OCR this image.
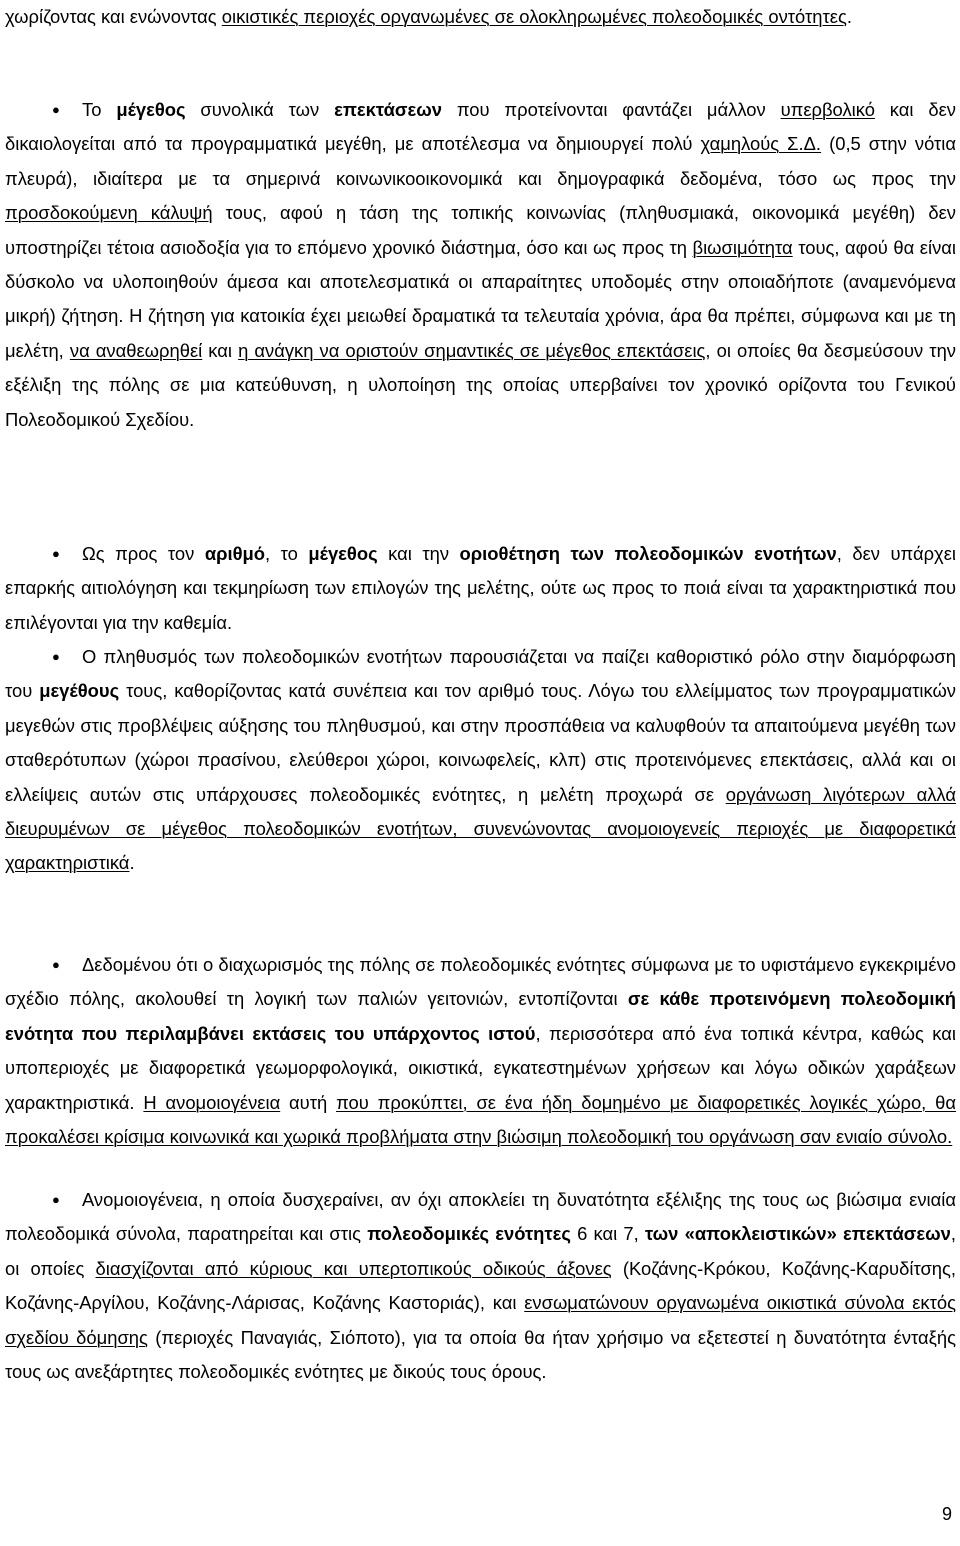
χωρίζοντας και ενώνοντας οικιστικές περιοχές οργανωμένες σε ολοκληρωμένες πολεοδομικές οντότητες.

●	Το μέγεθος συνολικά των επεκτάσεων που προτείνονται φαντάζει μάλλον υπερβολικό και δεν δικαιολογείται από τα προγραμματικά μεγέθη, με αποτέλεσμα να δημιουργεί πολύ χαμηλούς Σ.Δ. (0,5 στην νότια πλευρά), ιδιαίτερα με τα σημερινά κοινωνικοοικονομικά και δημογραφικά δεδομένα, τόσο ως προς την προσδοκούμενη κάλυψή τους, αφού η τάση της τοπικής κοινωνίας (πληθυσμιακά, οικονομικά μεγέθη) δεν υποστηρίζει τέτοια ασιοδοξία για το επόμενο χρονικό διάστημα, όσο και ως προς τη βιωσιμότητα τους, αφού θα είναι δύσκολο να υλοποιηθούν άμεσα και αποτελεσματικά οι απαραίτητες υποδομές στην οποιαδήποτε (αναμενόμενα μικρή) ζήτηση. Η ζήτηση για κατοικία έχει μειωθεί δραματικά τα τελευταία χρόνια, άρα θα πρέπει, σύμφωνα και με τη μελέτη, να αναθεωρηθεί και η ανάγκη να οριστούν σημαντικές σε μέγεθος επεκτάσεις, οι οποίες θα δεσμεύσουν την εξέλιξη της πόλης σε μια κατεύθυνση, η υλοποίηση της οποίας υπερβαίνει τον χρονικό ορίζοντα του Γενικού Πολεοδομικού Σχεδίου.

●	Ως προς τον αριθμό, το μέγεθος και την οριοθέτηση των πολεοδομικών ενοτήτων, δεν υπάρχει επαρκής αιτιολόγηση και τεκμηρίωση των επιλογών της μελέτης, ούτε ως προς το ποιά είναι τα χαρακτηριστικά που επιλέγονται για την καθεμία.

●	Ο πληθυσμός των πολεοδομικών ενοτήτων παρουσιάζεται να παίζει καθοριστικό ρόλο στην διαμόρφωση του μεγέθους τους, καθορίζοντας κατά συνέπεια και τον αριθμό τους. Λόγω του ελλείμματος των προγραμματικών μεγεθών στις προβλέψεις αύξησης του πληθυσμού, και στην προσπάθεια να καλυφθούν τα απαιτούμενα μεγέθη των σταθερότυπων (χώροι πρασίνου, ελεύθεροι χώροι, κοινωφελείς, κλπ) στις προτεινόμενες επεκτάσεις, αλλά και οι ελλείψεις αυτών στις υπάρχουσες πολεοδομικές ενότητες, η μελέτη προχωρά σε οργάνωση λιγότερων αλλά διευρυμένων σε μέγεθος πολεοδομικών ενοτήτων, συνενώνοντας ανομοιογενείς περιοχές με διαφορετικά χαρακτηριστικά.

●	Δεδομένου ότι ο διαχωρισμός της πόλης σε πολεοδομικές ενότητες σύμφωνα με το υφιστάμενο εγκεκριμένο σχέδιο πόλης, ακολουθεί τη λογική των παλιών γειτονιών, εντοπίζονται σε κάθε προτεινόμενη πολεοδομική ενότητα που περιλαμβάνει εκτάσεις του υπάρχοντος ιστού, περισσότερα από ένα τοπικά κέντρα, καθώς και υποπεριοχές με διαφορετικά γεωμορφολογικά, οικιστικά, εγκατεστημένων χρήσεων και λόγω οδικών χαράξεων χαρακτηριστικά. Η ανομοιογένεια αυτή που προκύπτει, σε ένα ήδη δομημένο με διαφορετικές λογικές χώρο, θα προκαλέσει κρίσιμα κοινωνικά και χωρικά προβλήματα στην βιώσιμη πολεοδομική του οργάνωση σαν ενιαίο σύνολο.

●	Ανομοιογένεια, η οποία δυσχεραίνει, αν όχι αποκλείει τη δυνατότητα εξέλιξης της τους ως βιώσιμα ενιαία πολεοδομικά σύνολα, παρατηρείται και στις πολεοδομικές ενότητες 6 και 7, των «αποκλειστικών» επεκτάσεων, οι οποίες διασχίζονται από κύριους και υπερτοπικούς οδικούς άξονες (Κοζάνης-Κρόκου, Κοζάνης-Καρυδίτσης, Κοζάνης-Αργίλου, Κοζάνης-Λάρισας, Κοζάνης Καστοριάς), και ενσωματώνουν οργανωμένα οικιστικά σύνολα εκτός σχεδίου δόμησης (περιοχές Παναγιάς, Σιόποτο), για τα οποία θα ήταν χρήσιμο να εξετεστεί η δυνατότητα ένταξής τους ως ανεξάρτητες πολεοδομικές ενότητες με δικούς τους όρους.

9
